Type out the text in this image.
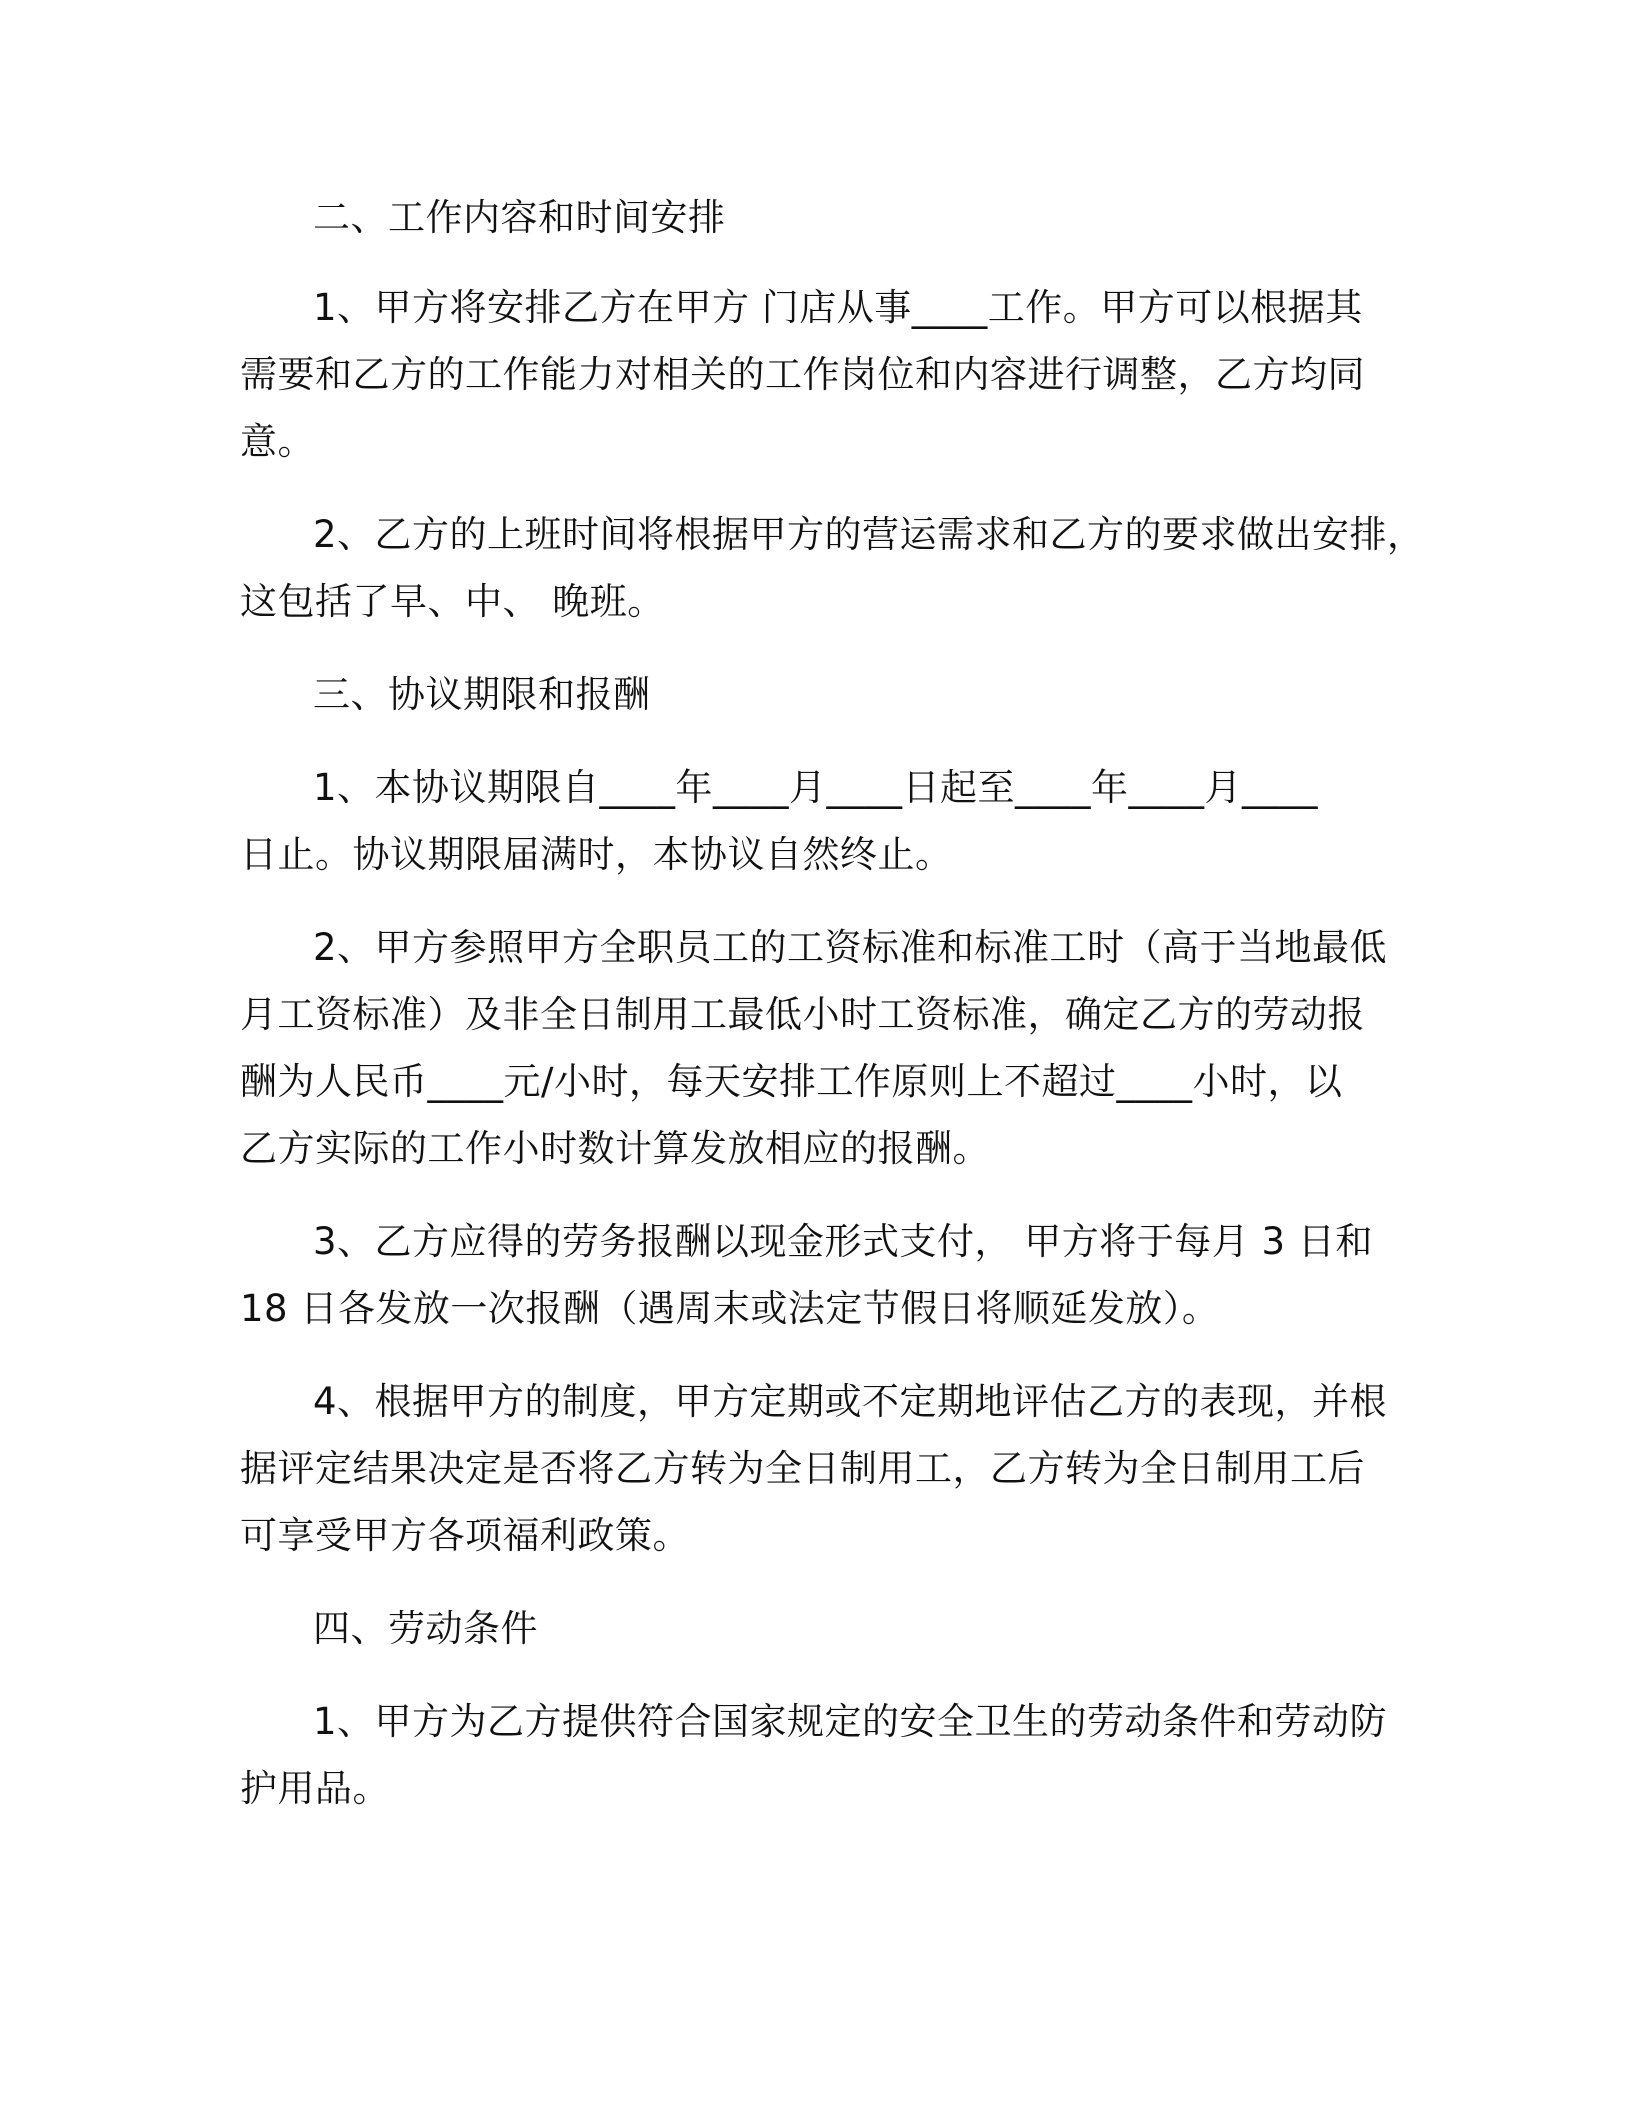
二、工作内容和时间安排
1、甲方将安排乙方在甲方 门店从事____工作。甲方可以根据其
需要和乙方的工作能力对相关的工作岗位和内容进行调整，乙方均同
意。
2、乙方的上班时间将根据甲方的营运需求和乙方的要求做出安排，
这包括了早、中、 晚班。
三、协议期限和报酬
1、本协议期限自____年____月____日起至____年____月____
日止。协议期限届满时，本协议自然终止。
2、甲方参照甲方全职员工的工资标准和标准工时（高于当地最低
月工资标准）及非全日制用工最低小时工资标准，确定乙方的劳动报
酬为人民币____元/小时，每天安排工作原则上不超过____小时，以
乙方实际的工作小时数计算发放相应的报酬。
3、乙方应得的劳务报酬以现金形式支付， 甲方将于每月 3 日和
18 日各发放一次报酬（遇周末或法定节假日将顺延发放）。
4、根据甲方的制度，甲方定期或不定期地评估乙方的表现，并根
据评定结果决定是否将乙方转为全日制用工，乙方转为全日制用工后
可享受甲方各项福利政策。
四、劳动条件
1、甲方为乙方提供符合国家规定的安全卫生的劳动条件和劳动防
护用品。
